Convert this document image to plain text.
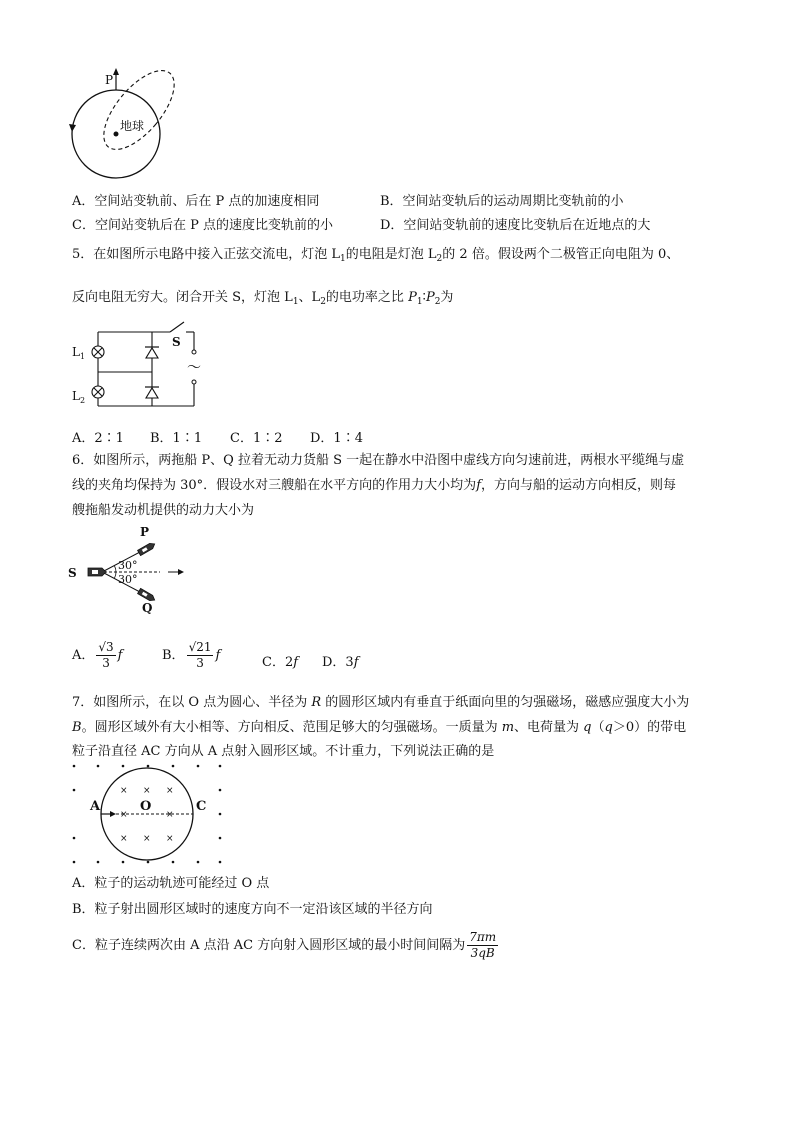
P
地球
A．空间站变轨前、后在 P 点的加速度相同	B．空间站变轨后的运动周期比变轨前的小
C．空间站变轨后在 P 点的速度比变轨前的小	D．空间站变轨前的速度比变轨后在近地点的大
5．在如图所示电路中接入正弦交流电，灯泡 $L_1$的电阻是灯泡 $L_2$的 2 倍。假设两个二极管正向电阻为 0、
反向电阻无穷大。闭合开关 S，灯泡 $L_1$、$L_2$的电功率之比 $P_1∶P_2$为
～
S
$L_1$
$L_2$
A．2∶1 B．1∶1 C．1∶2 D．1∶4
6．如图所示，两拖船 P、Q 拉着无动力货船 S 一起在静水中沿图中虚线方向匀速前进，两根水平缆绳与虚
线的夹角均保持为 30°．假设水对三艘船在水平方向的作用力大小均为f，方向与船的运动方向相反，则每
艘拖船发动机提供的动力大小为
P
Q
S
30°
30°
A． $\frac{√3}{3}$ f	B． $\frac{√21}{3}$ f	C．2f D．3f
7．如图所示，在以 O 点为圆心、半径为 R 的圆形区域内有垂直于纸面向里的匀强磁场，磁感应强度大小为
B。圆形区域外有大小相等、方向相反、范围足够大的匀强磁场。一质量为 m、电荷量为 q（q＞0）的带电
粒子沿直径 AC 方向从 A 点射入圆形区域。不计重力，下列说法正确的是
× × ×
×	×
× × ×
A	O	C
A．粒子的运动轨迹可能经过 O 点
B．粒子射出圆形区域时的速度方向不一定沿该区域的半径方向
C．粒子连续两次由 A 点沿 AC 方向射入圆形区域的最小时间间隔为 $\frac{7\pi m}{3qB}$
